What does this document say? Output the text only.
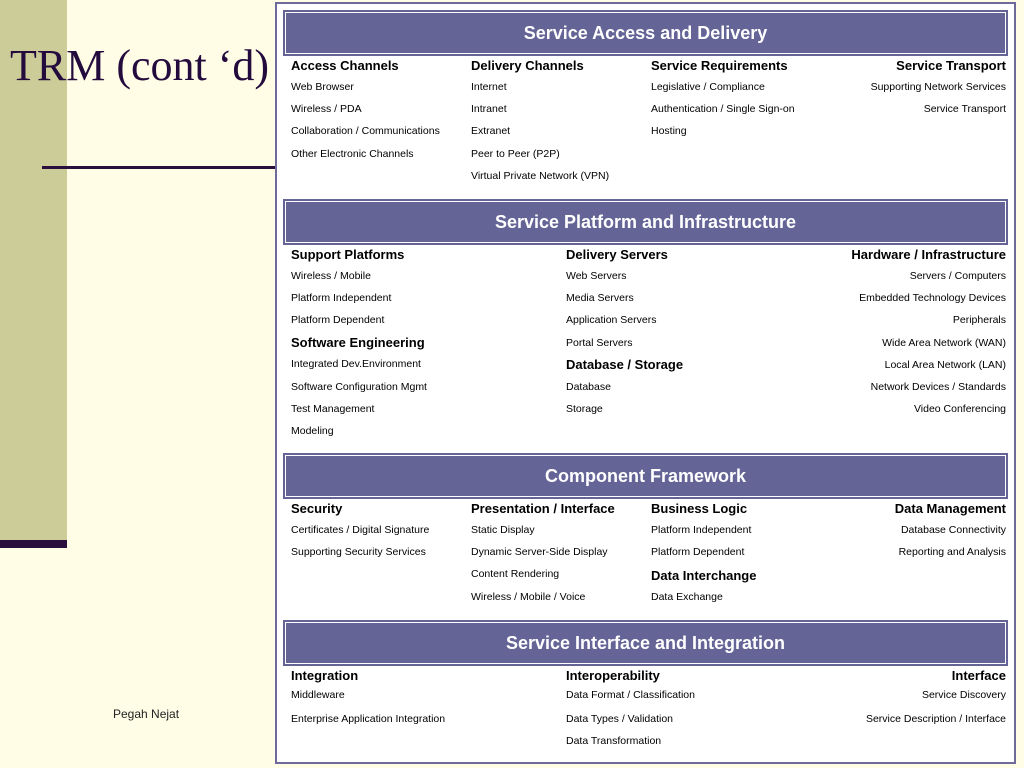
TRM (cont ‘d)
Pegah Nejat
Service Access and Delivery
Access Channels
Web Browser
Wireless / PDA
Collaboration / Communications
Other Electronic Channels
Delivery Channels
Internet
Intranet
Extranet
Peer to Peer (P2P)
Virtual Private Network (VPN)
Service Requirements
Legislative / Compliance
Authentication / Single Sign-on
Hosting
Service Transport
Supporting Network Services
Service Transport
Service Platform and Infrastructure
Support Platforms
Wireless / Mobile
Platform Independent
Platform Dependent
Software Engineering
Integrated Dev.Environment
Software Configuration Mgmt
Test Management
Modeling
Delivery Servers
Web Servers
Media Servers
Application Servers
Portal Servers
Database / Storage
Database
Storage
Hardware / Infrastructure
Servers / Computers
Embedded Technology Devices
Peripherals
Wide Area Network (WAN)
Local Area Network (LAN)
Network Devices / Standards
Video Conferencing
Component Framework
Security
Certificates / Digital Signature
Supporting Security Services
Presentation / Interface
Static Display
Dynamic Server-Side Display
Content Rendering
Wireless / Mobile / Voice
Business Logic
Platform Independent
Platform Dependent
Data Interchange
Data Exchange
Data Management
Database Connectivity
Reporting and Analysis
Service Interface and Integration
Integration
Middleware
Enterprise Application Integration
Interoperability
Data Format / Classification
Data Types / Validation
Data Transformation
Interface
Service Discovery
Service Description / Interface
